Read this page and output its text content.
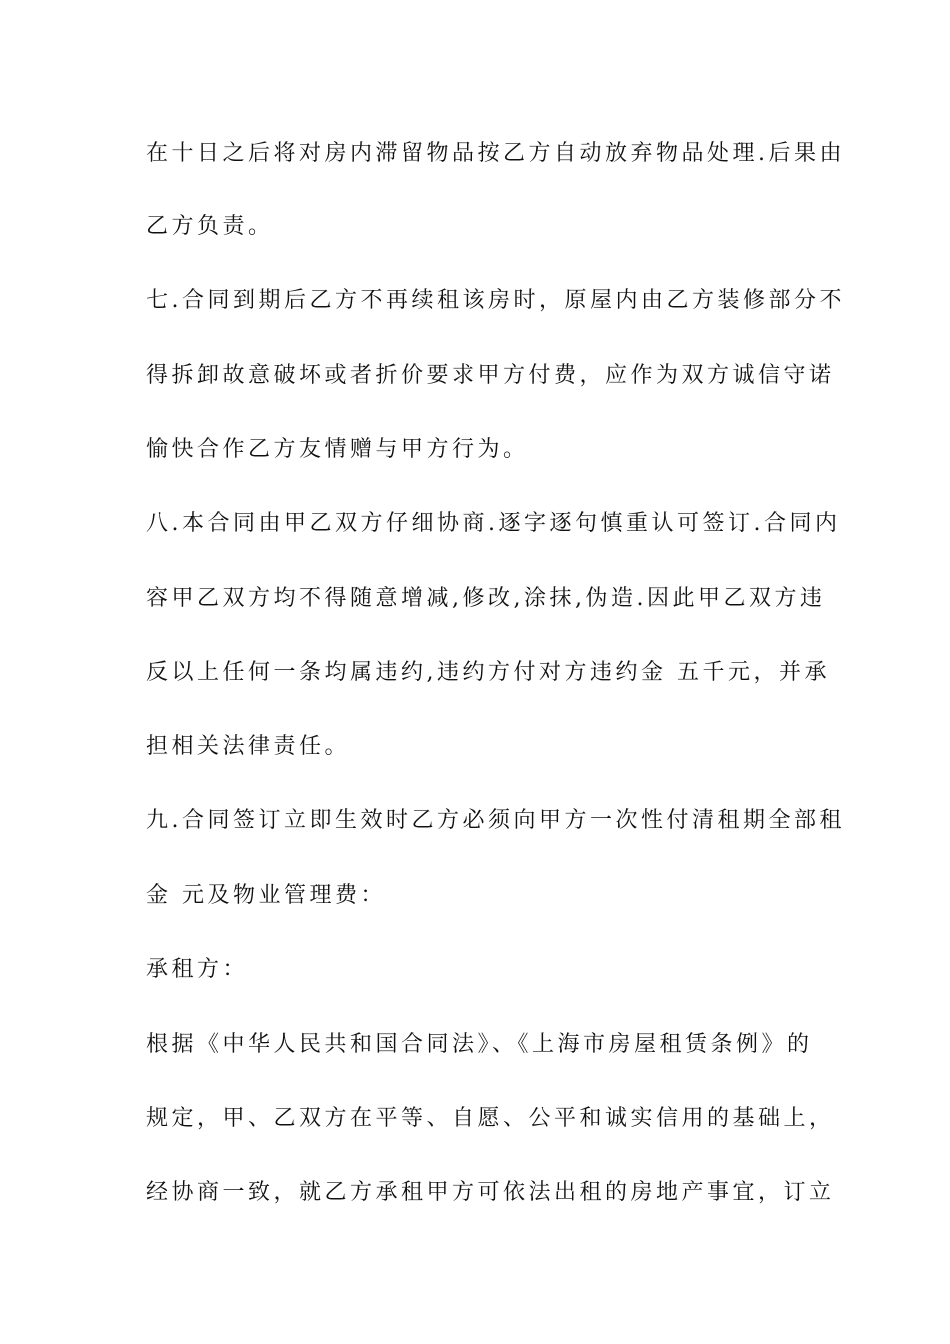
在十日之后将对房内滞留物品按乙方自动放弃物品处理.后果由

乙方负责。

七.合同到期后乙方不再续租该房时，原屋内由乙方装修部分不

得拆卸故意破坏或者折价要求甲方付费，应作为双方诚信守诺

愉快合作乙方友情赠与甲方行为。

八.本合同由甲乙双方仔细协商.逐字逐句慎重认可签订.合同内

容甲乙双方均不得随意增减,修改,涂抹,伪造.因此甲乙双方违

反以上任何一条均属违约,违约方付对方违约金 五千元，并承

担相关法律责任。

九.合同签订立即生效时乙方必须向甲方一次性付清租期全部租

金 元及物业管理费：

承租方：

根据《中华人民共和国合同法》、《上海市房屋租赁条例》的

规定，甲、乙双方在平等、自愿、公平和诚实信用的基础上，

经协商一致，就乙方承租甲方可依法出租的房地产事宜，订立
